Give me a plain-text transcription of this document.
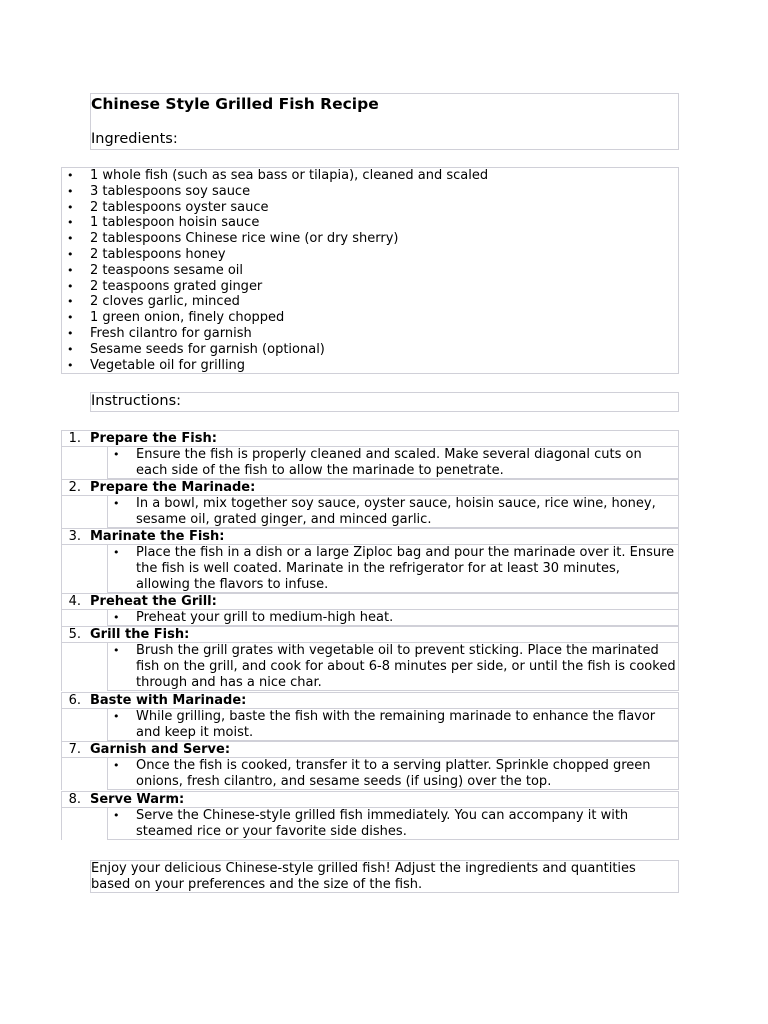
Chinese Style Grilled Fish Recipe
Ingredients:
• 1 whole fish (such as sea bass or tilapia), cleaned and scaled
• 3 tablespoons soy sauce
• 2 tablespoons oyster sauce
• 1 tablespoon hoisin sauce
• 2 tablespoons Chinese rice wine (or dry sherry)
• 2 tablespoons honey
• 2 teaspoons sesame oil
• 2 teaspoons grated ginger
• 2 cloves garlic, minced
• 1 green onion, finely chopped
• Fresh cilantro for garnish
• Sesame seeds for garnish (optional)
• Vegetable oil for grilling
Instructions:
1. Prepare the Fish:
• Ensure the fish is properly cleaned and scaled. Make several diagonal cuts on each side of the fish to allow the marinade to penetrate.
2. Prepare the Marinade:
• In a bowl, mix together soy sauce, oyster sauce, hoisin sauce, rice wine, honey, sesame oil, grated ginger, and minced garlic.
3. Marinate the Fish:
• Place the fish in a dish or a large Ziploc bag and pour the marinade over it. Ensure the fish is well coated. Marinate in the refrigerator for at least 30 minutes, allowing the flavors to infuse.
4. Preheat the Grill:
• Preheat your grill to medium-high heat.
5. Grill the Fish:
• Brush the grill grates with vegetable oil to prevent sticking. Place the marinated fish on the grill, and cook for about 6-8 minutes per side, or until the fish is cooked through and has a nice char.
6. Baste with Marinade:
• While grilling, baste the fish with the remaining marinade to enhance the flavor and keep it moist.
7. Garnish and Serve:
• Once the fish is cooked, transfer it to a serving platter. Sprinkle chopped green onions, fresh cilantro, and sesame seeds (if using) over the top.
8. Serve Warm:
• Serve the Chinese-style grilled fish immediately. You can accompany it with steamed rice or your favorite side dishes.
Enjoy your delicious Chinese-style grilled fish! Adjust the ingredients and quantities based on your preferences and the size of the fish.
